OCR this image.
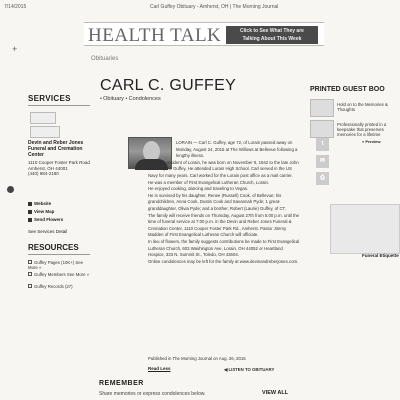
7/14/2015	Carl Guffey Obituary - Amherst, OH | The Morning Journal
+
HEALTH TALK	Click to See What They are
Talking About This Week
Obituaries
SERVICES
Devin and Reber Jones Funeral and Cremation Center
1110 Cooper Foster Park Road
Amherst, OH 44001
(440) 984-2180
Website
View Map
Send Flowers
See Services Detail
RESOURCES
Guffey Pages (10K+) See More »
Guffey Members See More »
Guffey Records (27)
CARL C. GUFFEY
• Obituary • Condolences

LORAIN — Carl C. Guffey, age 72, of Lorain passed away on Monday, August 24, 2015 at The Willows at Bellevue following a lengthy illness.

A lifelong resident of Lorain, he was born on November 9, 1942 to the late John and Marjorie Guffey. He attended Lorain High School. Carl served in the US Navy for many years. Carl worked for the Lorain post office as a mail carrier.

He was a member of First Evangelical Lutheran Church, Lorain.

He enjoyed cooking, dancing and traveling to Vegas.

He is survived by his daughter, Renee (Russell) Cook, of Bellevue; his grandchildren, Anna Cook, Dustin Cook and Savannah Pyde; 1 great-granddaughter, Olivia Pyde; and a brother, Robert (Laurie) Guffey, of CT.

The family will receive friends on Thursday, August 27th from 5:00 p.m. until the time of funeral service at 7:00 p.m. in the Devin and Reber Jones Funeral & Cremation Center, 1110 Cooper Foster Park Rd., Amherst. Pastor Jimmy Madden of First Evangelical Lutheran Church will officiate.

In lieu of flowers, the family suggests contributions be made to First Evangelical Lutheran Church, 603 Washington Ave, Lorain, OH 44052 or Heartland Hospice, 333 N. Summit St., Toledo, OH 43604.

Online condolences may be left for the family at www.devinandreberjones.com.

t
✉
⎙
Published in The Morning Journal on Aug. 26, 2015
Read Less	◀ LISTEN TO OBITUARY
REMEMBER
Share memories or express condolences below.	VIEW ALL
PRINTED GUEST BOO
Hold on to the Memories & Thoughts
Professionally printed in a keepsake that preserves memories for a lifetime
» Preview
Funeral Etiquette
